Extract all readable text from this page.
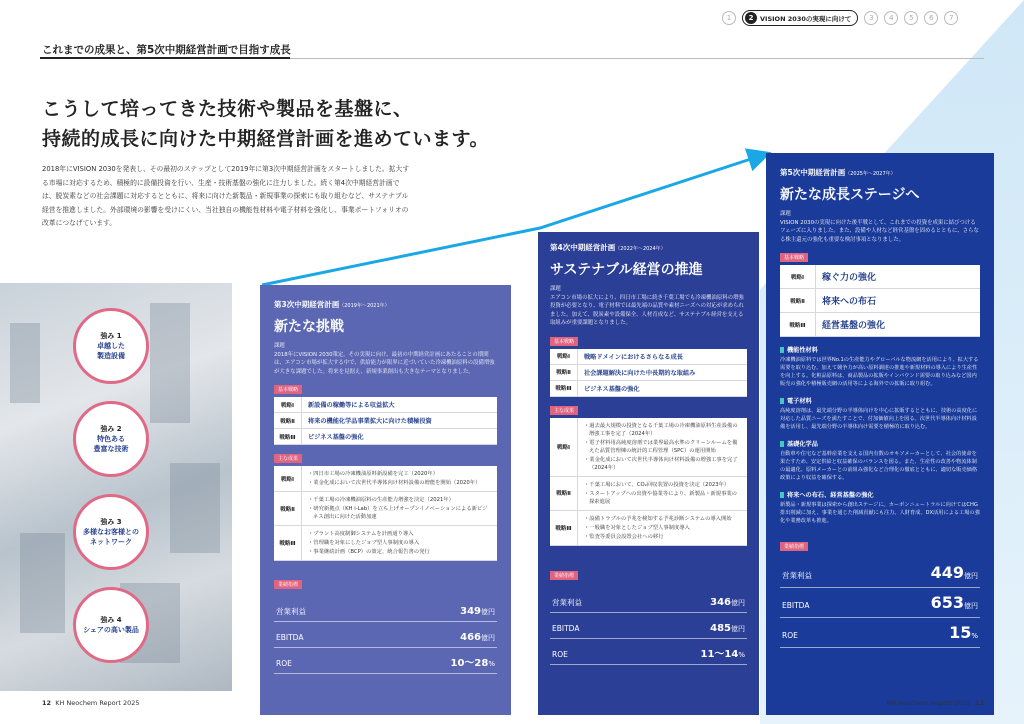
1	2	VISION 2030の実現に向けて	3	4	5	6	7
これまでの成果と、第5次中期経営計画で目指す成長
こうして培ってきた技術や製品を基盤に、
持続的成長に向けた中期経営計画を進めています。
2018年にVISION 2030を発表し、その最初のステップとして2019年に第3次中期経営計画をスタートしました。拡大する市場に対応するため、積極的に設備投資を行い、生産・技術基盤の強化に注力しました。続く第4次中期経営計画では、脱炭素などの社会課題に対応するとともに、将来に向けた新製品・新規事業の探索にも取り組むなど、サステナブル経営を推進しました。外部環境の影響を受けにくい、当社独自の機能性材料や電子材料を強化し、事業ポートフォリオの改革につなげています。
強み 1
卓越した
製造設備
強み 2
特色ある
豊富な技術
強み 3
多様なお客様との
ネットワーク
強み 4
シェアの高い製品
第3次中期経営計画（2019年～2021年）
新たな挑戦
課題
2018年にVISION 2030策定。その実現に向け、最初の中期経営計画にあたることの期間は、エアコン市場が拡大する中で、供給能力が限界に近づいていた冷凍機油原料の設備増強が大きな課題でした。将来を見据え、新規事業創出も大きなテーマとなりました。
基本戦略
戦略Ⅰ	新設備の稼働等による収益拡大
戦略Ⅱ	将来の機能化学品事業拡大に向けた積極投資
戦略Ⅲ	ビジネス基盤の強化
主な成果
戦略Ⅰ
・四日市工場の冷凍機油原料新設備を完工（2020年）
・業金化成において次世代半導体向け材料設備の増能を開始（2020年）
戦略Ⅱ
・千葉工場の冷凍機油原料の生産能力増強を決定（2021年）
・研究新拠点（KH i-Lab）を立ち上げオープンイノベーションによる新ビジネス創出に向けた活動加速
戦略Ⅲ
・プラント高度制御システムを計画通り導入
・管理職を対象にしたジョブ型人事制度の導入
・事業継続計画（BCP）の策定、統合報告書の発行
業績指標
営業利益	349億円
EBITDA	466億円
ROE	10～28%
第4次中期経営計画（2022年～2024年）
サステナブル経営の推進
課題
エアコン市場の拡大により、四日市工場に続き千葉工場でも冷凍機油原料の増強投資が必要となり、電子材料では最先端の品質や素材ニーズへの対応が求められました。加えて、脱炭素や設備保全、人材育成など、サステナブル経営を支える取組みが重要課題となりました。
基本戦略
戦略Ⅰ	戦略ドメインにおけるさらなる成長
戦略Ⅱ	社会課題解決に向けた中長期的な取組み
戦略Ⅲ	ビジネス基盤の強化
主な成果
戦略Ⅰ
・過去最大規模の投資となる千葉工場の冷凍機油原料生産設備の増強工事を完了（2024年）
・電子材料用高純度溶剤では業界最高水準のクリーンルームを備えた品質管理棟の統計的工程管理（SPC）の運用開始
・業金化成において次世代半導体向け材料設備の増強工事を完了（2024年）
戦略Ⅱ
・千葉工場において、CO₂回収装置の投資を決定（2023年）
・スタートアップへの出資や協業等により、新製品・新規事業の探索進展
戦略Ⅲ
・設備トラブルの予兆を検知する予兆診断システムの導入開始
・一般職を対象としたジョブ型人事制度導入
・監査等委員会設置会社への移行
業績指標
営業利益	346億円
EBITDA	485億円
ROE	11～14%
第5次中期経営計画（2025年～2027年）
新たな成長ステージへ
課題
VISION 2030の実現に向けた後半戦として、これまでの投資を成果に結びつけるフェーズに入りました。また、設備や人材など経営基盤を固めるとともに、さらなる株主還元の強化も重要な検討事項となりました。
基本戦略
戦略Ⅰ	稼ぐ力の強化
戦略Ⅱ	将来への布石
戦略Ⅲ	経営基盤の強化
機能性材料
冷凍機油原料では世界No.1の生産能力やグローバルな物流網を活用により、拡大する需要を取り込む。加えて競争力が高い原料調達の推進や新規材料の導入により生産性を向上する。化粧品原料は、商品製品の拡販やインバウンド需要の取り込みなど国内販売の強化や積極販売網の活用等による海外での拡販に取り組む。
電子材料
高純度溶剤は、最先端分野の半導体向けを中心に拡販するとともに、技術の高度化に対応した品質ニーズを満たすことで、付加価値向上を図る。次世代半導体向け材料設備を活用し、最先端分野の半導体向け需要を積極的に取り込む。
基礎化学品
自動車や住宅など基幹産業を支える国内有数のオキソメーカーとして、社会的使命を果たすため、安定供給と収益確保のバランスを図る。また、生産性の改善や物流体制の最適化、原料メーカーとの前組み強化など合理化の徹底とともに、適切な販売価格政策により収益を確保する。
将来への布石、経営基盤の強化
新製品・新規事業は探索から創出ステージに。カーボンニュートラルに向けてはCHG排出削減に加え、事業を通じた削減貢献にも注力。人財育成、DX活用による工場の強化や業務改革も推進。
業績指標
営業利益	449億円
EBITDA	653億円
ROE	15%
12 KH Neochem Report 2025	KH Neochem Report 2025 13
